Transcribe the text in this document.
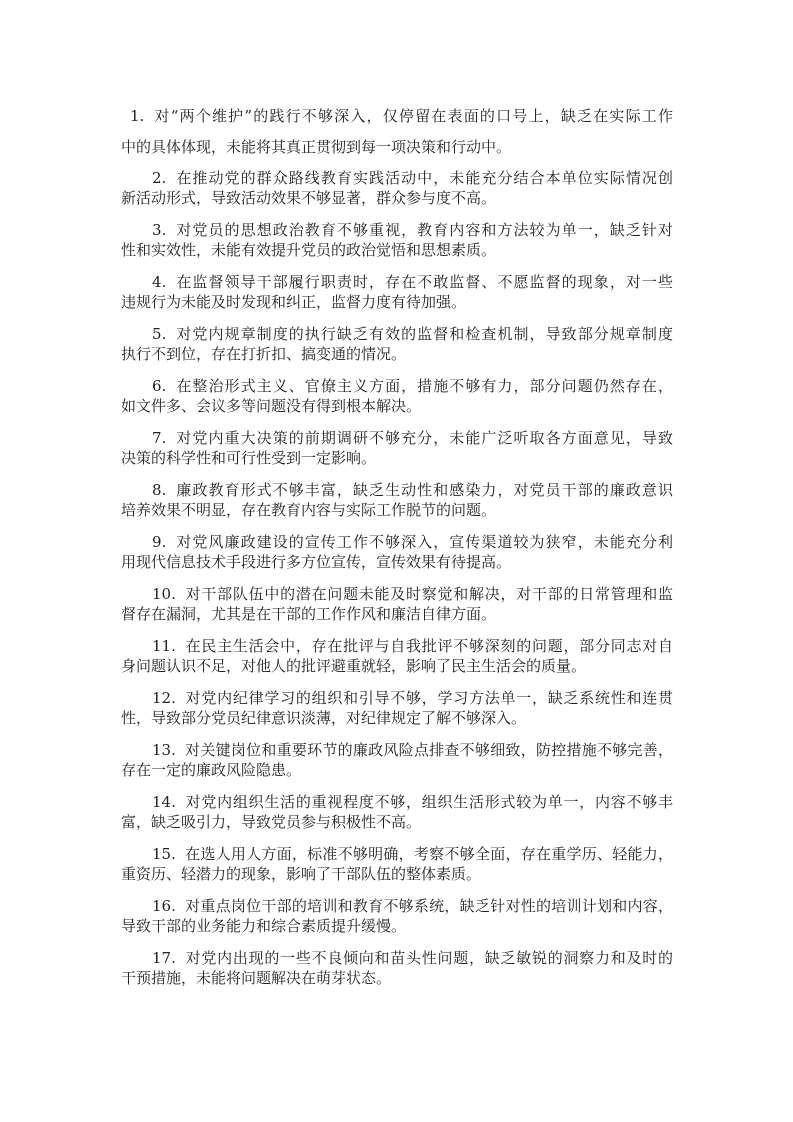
1. 对“两个维护”的践行不够深入，仅停留在表面的口号上，缺乏在实际工作
中的具体体现，未能将其真正贯彻到每一项决策和行动中。
2. 在推动党的群众路线教育实践活动中，未能充分结合本单位实际情况创
新活动形式，导致活动效果不够显著，群众参与度不高。
3. 对党员的思想政治教育不够重视，教育内容和方法较为单一，缺乏针对
性和实效性，未能有效提升党员的政治觉悟和思想素质。
4. 在监督领导干部履行职责时，存在不敢监督、不愿监督的现象，对一些
违规行为未能及时发现和纠正，监督力度有待加强。
5. 对党内规章制度的执行缺乏有效的监督和检查机制，导致部分规章制度
执行不到位，存在打折扣、搞变通的情况。
6. 在整治形式主义、官僚主义方面，措施不够有力，部分问题仍然存在，
如文件多、会议多等问题没有得到根本解决。
7. 对党内重大决策的前期调研不够充分，未能广泛听取各方面意见，导致
决策的科学性和可行性受到一定影响。
8. 廉政教育形式不够丰富，缺乏生动性和感染力，对党员干部的廉政意识
培养效果不明显，存在教育内容与实际工作脱节的问题。
9. 对党风廉政建设的宣传工作不够深入，宣传渠道较为狭窄，未能充分利
用现代信息技术手段进行多方位宣传，宣传效果有待提高。
10. 对干部队伍中的潜在问题未能及时察觉和解决，对干部的日常管理和监
督存在漏洞，尤其是在干部的工作作风和廉洁自律方面。
11. 在民主生活会中，存在批评与自我批评不够深刻的问题，部分同志对自
身问题认识不足，对他人的批评避重就轻，影响了民主生活会的质量。
12. 对党内纪律学习的组织和引导不够，学习方法单一，缺乏系统性和连贯
性，导致部分党员纪律意识淡薄，对纪律规定了解不够深入。
13. 对关键岗位和重要环节的廉政风险点排查不够细致，防控措施不够完善，
存在一定的廉政风险隐患。
14. 对党内组织生活的重视程度不够，组织生活形式较为单一，内容不够丰
富，缺乏吸引力，导致党员参与积极性不高。
15. 在选人用人方面，标准不够明确，考察不够全面，存在重学历、轻能力，
重资历、轻潜力的现象，影响了干部队伍的整体素质。
16. 对重点岗位干部的培训和教育不够系统，缺乏针对性的培训计划和内容，
导致干部的业务能力和综合素质提升缓慢。
17. 对党内出现的一些不良倾向和苗头性问题，缺乏敏锐的洞察力和及时的
干预措施，未能将问题解决在萌芽状态。
